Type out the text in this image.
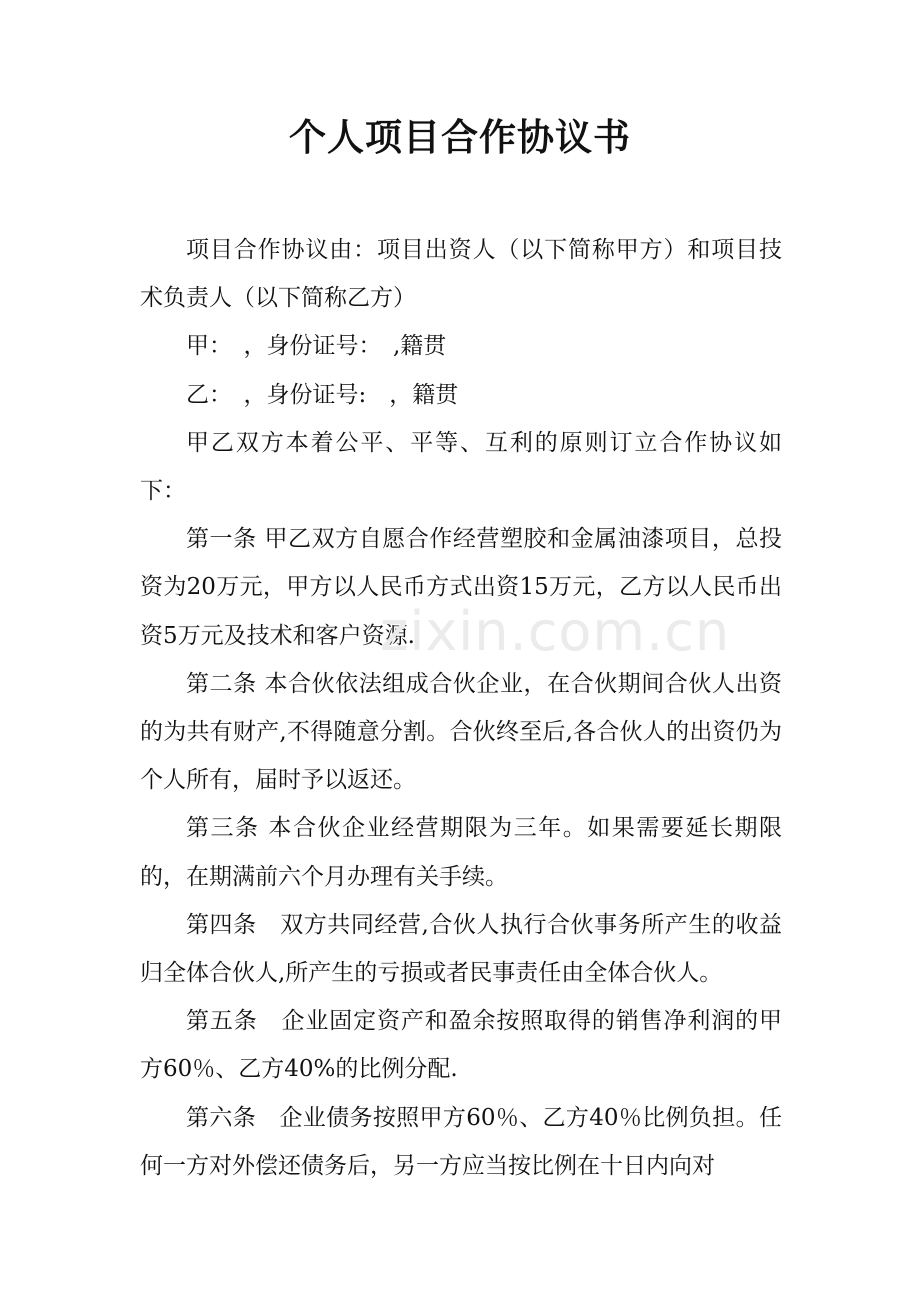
个人项目合作协议书

项目合作协议由：项目出资人（以下简称甲方）和项目技术负责人（以下简称乙方）

甲：　，身份证号：　,籍贯

乙：　，身份证号:　，籍贯

甲乙双方本着公平、平等、互利的原则订立合作协议如下：

第一条 甲乙双方自愿合作经营塑胶和金属油漆项目，总投资为20万元，甲方以人民币方式出资15万元，乙方以人民币出资5万元及技术和客户资源.

第二条 本合伙依法组成合伙企业，在合伙期间合伙人出资的为共有财产,不得随意分割。合伙终至后,各合伙人的出资仍为个人所有，届时予以返还。

第三条 本合伙企业经营期限为三年。如果需要延长期限的，在期满前六个月办理有关手续。

第四条　双方共同经营,合伙人执行合伙事务所产生的收益归全体合伙人,所产生的亏损或者民事责任由全体合伙人。

第五条　企业固定资产和盈余按照取得的销售净利润的甲方60％、乙方40%的比例分配.

第六条　企业债务按照甲方60％、乙方40％比例负担。任何一方对外偿还债务后，另一方应当按比例在十日内向对

zixin.com.cn
